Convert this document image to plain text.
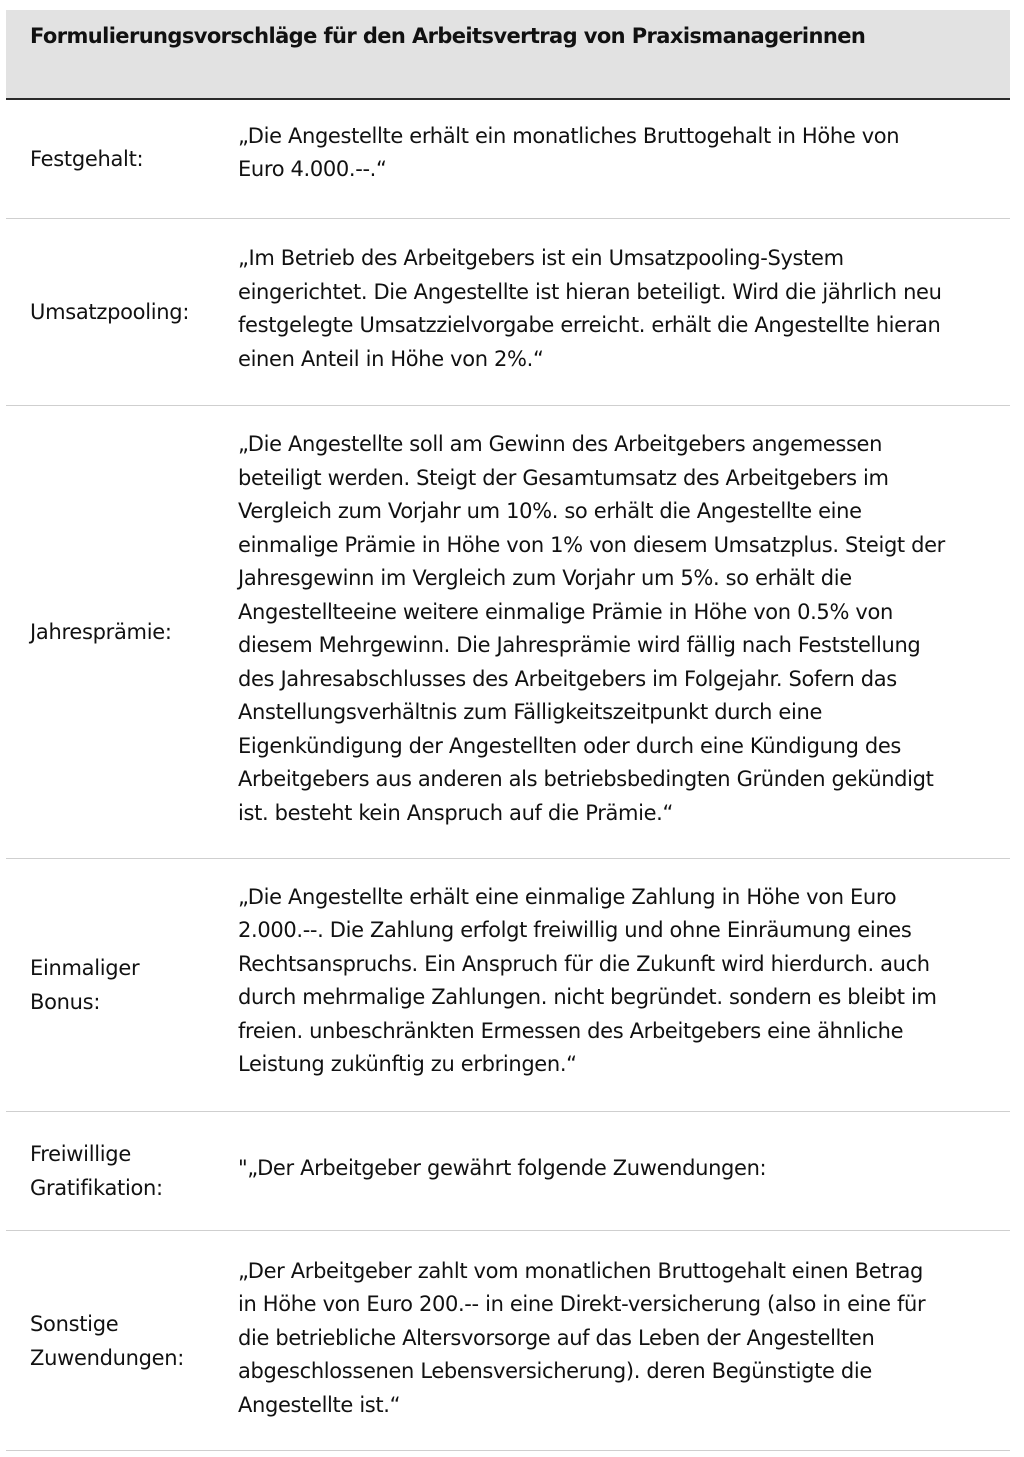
Formulierungsvorschläge für den Arbeitsvertrag von Praxismanagerinnen
Festgehalt:
„Die Angestellte erhält ein monatliches Bruttogehalt in Höhe von
Euro 4.000.--.“
Umsatzpooling:
„Im Betrieb des Arbeitgebers ist ein Umsatzpooling-System
eingerichtet. Die Angestellte ist hieran beteiligt. Wird die jährlich neu
festgelegte Umsatzzielvorgabe erreicht. erhält die Angestellte hieran
einen Anteil in Höhe von 2%.“
Jahresprämie:
„Die Angestellte soll am Gewinn des Arbeitgebers angemessen
beteiligt werden. Steigt der Gesamtumsatz des Arbeitgebers im
Vergleich zum Vorjahr um 10%. so erhält die Angestellte eine
einmalige Prämie in Höhe von 1% von diesem Umsatzplus. Steigt der
Jahresgewinn im Vergleich zum Vorjahr um 5%. so erhält die
Angestellteeine weitere einmalige Prämie in Höhe von 0.5% von
diesem Mehrgewinn. Die Jahresprämie wird fällig nach Feststellung
des Jahresabschlusses des Arbeitgebers im Folgejahr. Sofern das
Anstellungsverhältnis zum Fälligkeitszeitpunkt durch eine
Eigenkündigung der Angestellten oder durch eine Kündigung des
Arbeitgebers aus anderen als betriebsbedingten Gründen gekündigt
ist. besteht kein Anspruch auf die Prämie.“
Einmaliger
Bonus:
„Die Angestellte erhält eine einmalige Zahlung in Höhe von Euro
2.000.--. Die Zahlung erfolgt freiwillig und ohne Einräumung eines
Rechtsanspruchs. Ein Anspruch für die Zukunft wird hierdurch. auch
durch mehrmalige Zahlungen. nicht begründet. sondern es bleibt im
freien. unbeschränkten Ermessen des Arbeitgebers eine ähnliche
Leistung zukünftig zu erbringen.“
Freiwillige
Gratifikation:
"„Der Arbeitgeber gewährt folgende Zuwendungen:
Sonstige
Zuwendungen:
„Der Arbeitgeber zahlt vom monatlichen Bruttogehalt einen Betrag
in Höhe von Euro 200.-- in eine Direkt-versicherung (also in eine für
die betriebliche Altersvorsorge auf das Leben der Angestellten
abgeschlossenen Lebensversicherung). deren Begünstigte die
Angestellte ist.“
